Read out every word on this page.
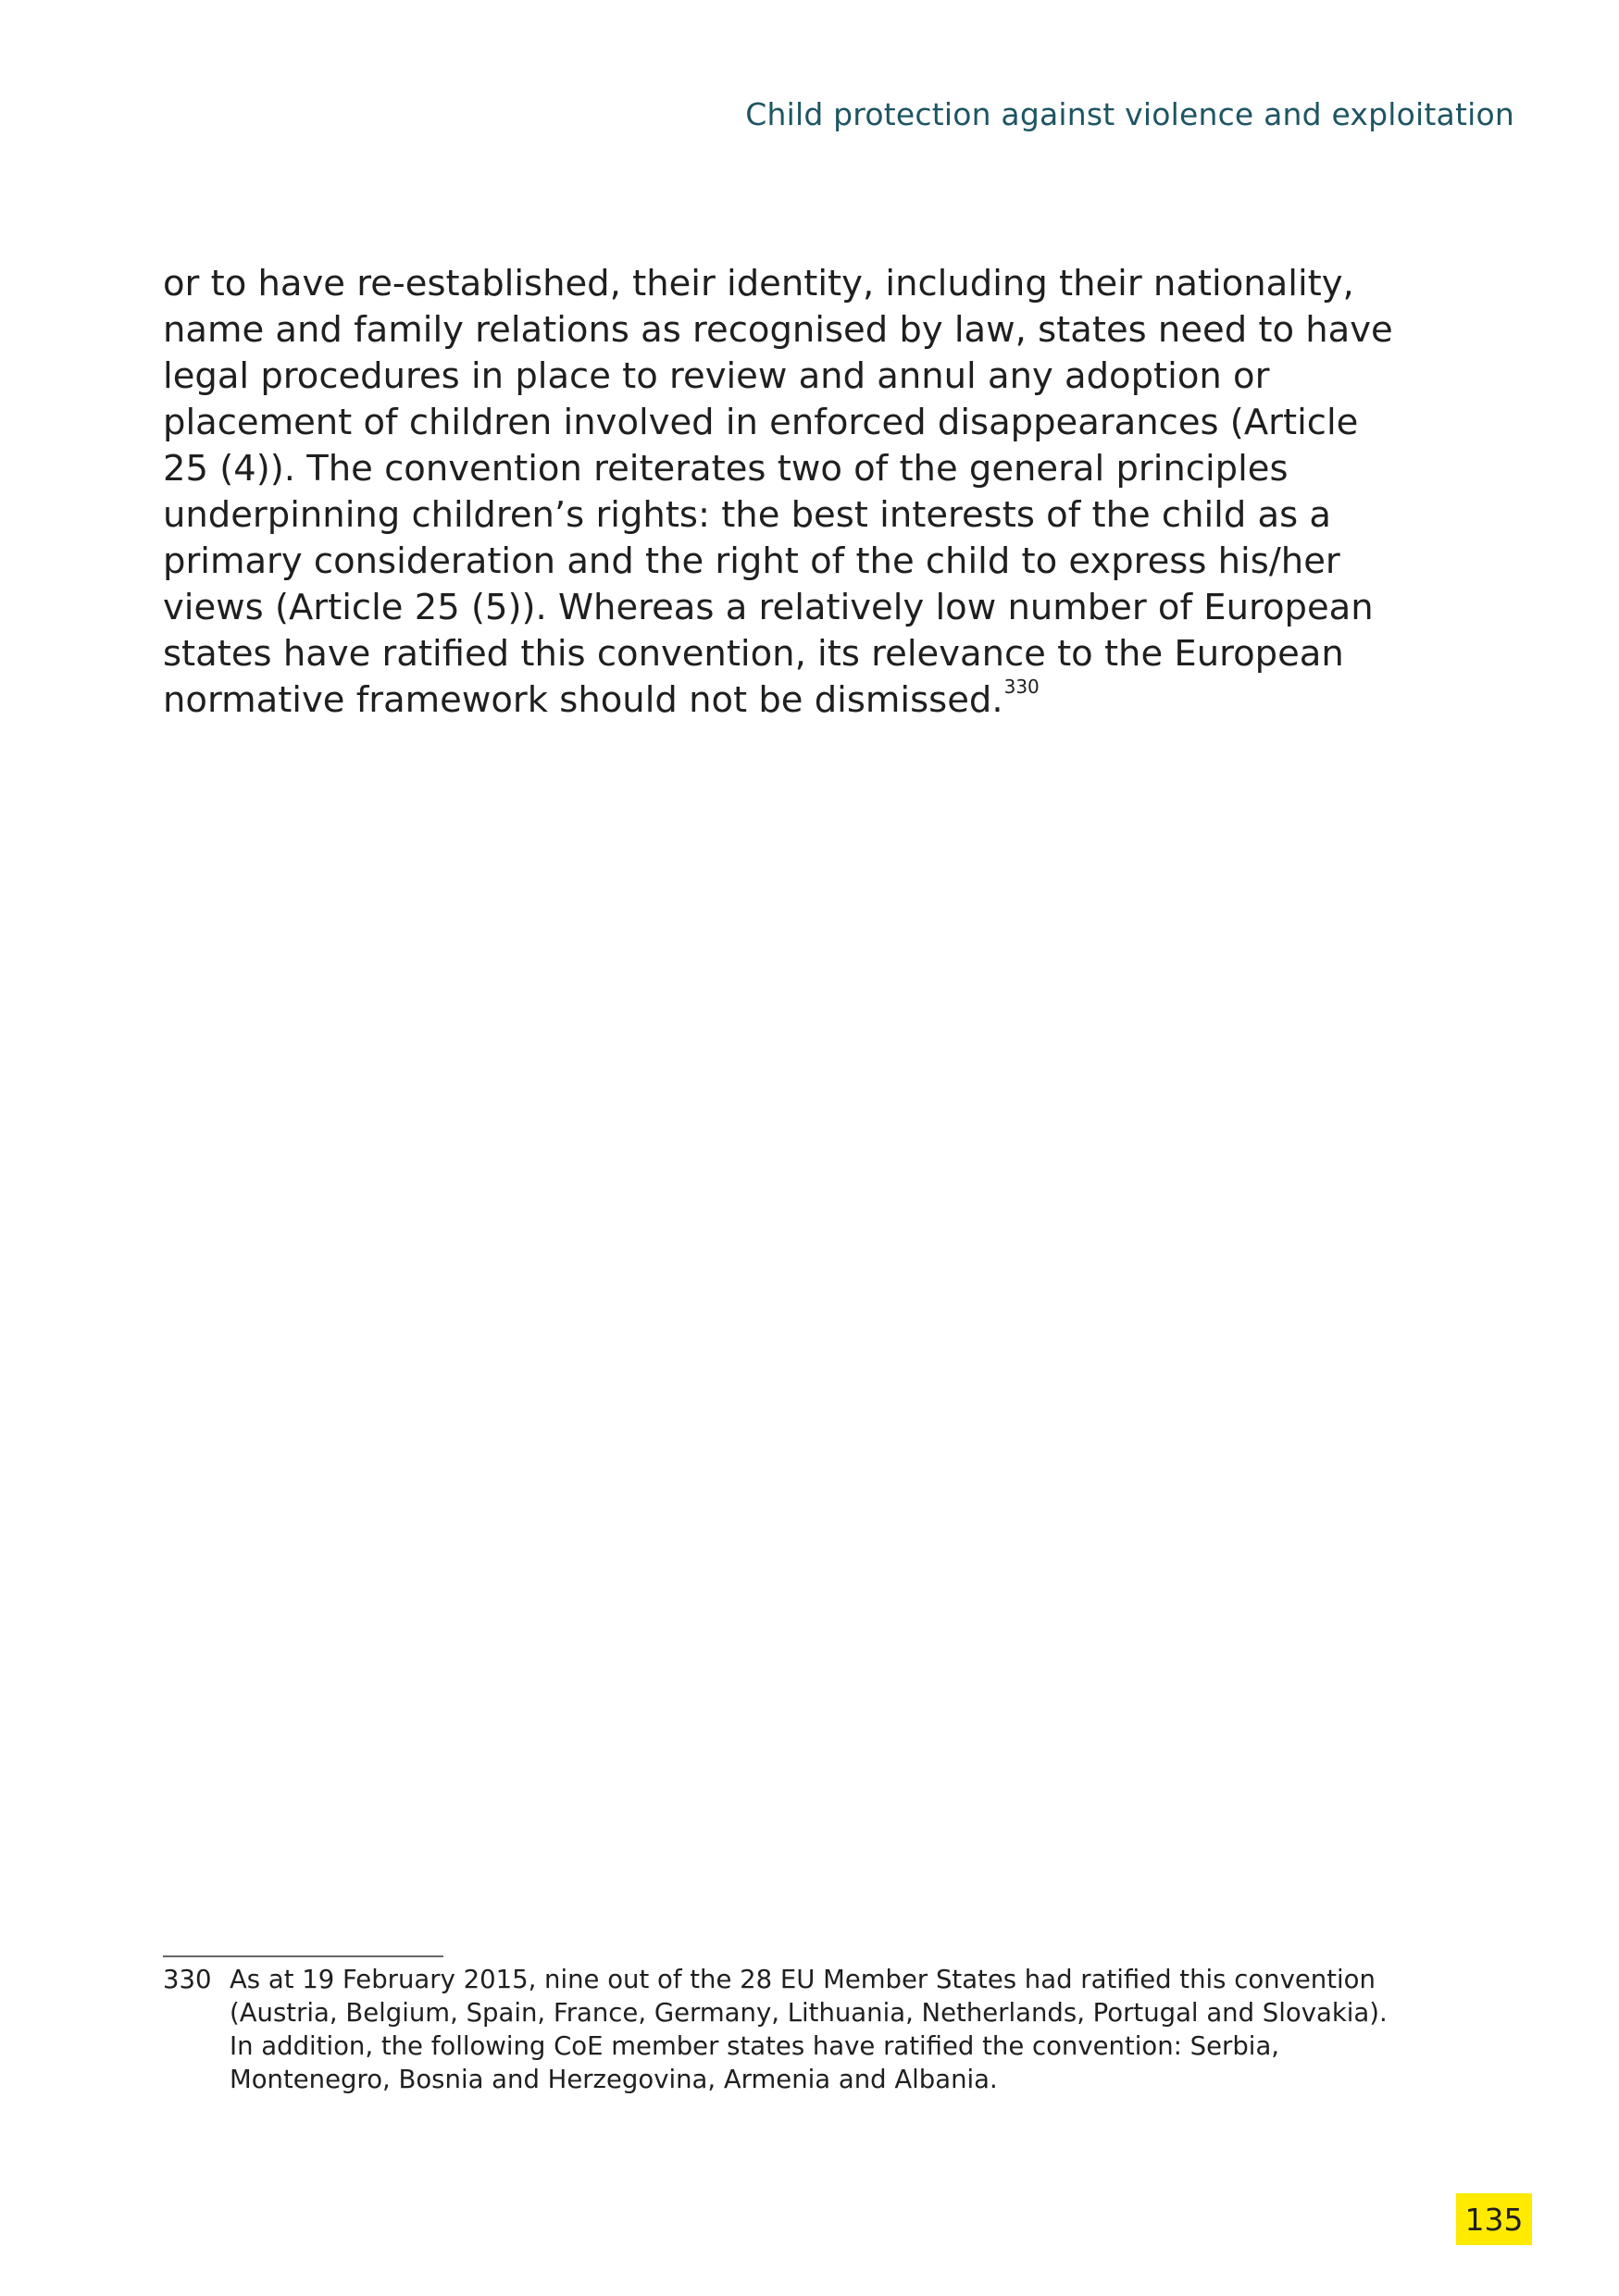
Child protection against violence and exploitation

or to have re-established, their identity, including their nationality, name and family relations as recognised by law, states need to have legal procedures in place to review and annul any adoption or placement of children involved in enforced disappearances (Article 25 (4)). The convention reiterates two of the general principles underpinning children’s rights: the best interests of the child as a primary consideration and the right of the child to express his/her views (Article 25 (5)). Whereas a relatively low number of European states have ratified this convention, its relevance to the European normative framework should not be dismissed.$^{330}$

330 As at 19 February 2015, nine out of the 28 EU Member States had ratified this convention (Austria, Belgium, Spain, France, Germany, Lithuania, Netherlands, Portugal and Slovakia). In addition, the following CoE member states have ratified the convention: Serbia, Montenegro, Bosnia and Herzegovina, Armenia and Albania.
135
